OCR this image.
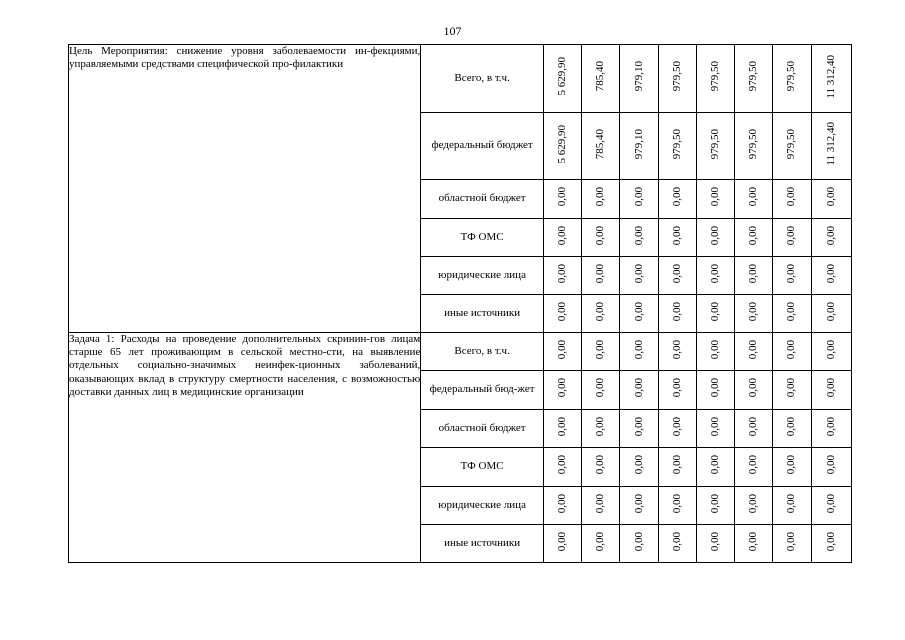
107
Цель Мероприятия: снижение уровня заболеваемости ин-фекциями, управляемыми средствами специфической про-филактики	Всего, в т.ч.	5 629,90	785,40	979,10	979,50	979,50	979,50	979,50	11 312,40
	федеральный бюджет	5 629,90	785,40	979,10	979,50	979,50	979,50	979,50	11 312,40
	областной бюджет	0,00	0,00	0,00	0,00	0,00	0,00	0,00	0,00
	ТФ ОМС	0,00	0,00	0,00	0,00	0,00	0,00	0,00	0,00
	юридические лица	0,00	0,00	0,00	0,00	0,00	0,00	0,00	0,00
	иные источники	0,00	0,00	0,00	0,00	0,00	0,00	0,00	0,00
Задача 1: Расходы на проведение дополнительных скринин-гов лицам старше 65 лет проживающим в сельской местно-сти, на выявление отдельных социально-значимых неинфек-ционных заболеваний, оказывающих вклад в структуру смертности населения, с возможностью доставки данных лиц в медицинские организации	Всего, в т.ч.	0,00	0,00	0,00	0,00	0,00	0,00	0,00	0,00
	федеральный бюд-жет	0,00	0,00	0,00	0,00	0,00	0,00	0,00	0,00
	областной бюджет	0,00	0,00	0,00	0,00	0,00	0,00	0,00	0,00
	ТФ ОМС	0,00	0,00	0,00	0,00	0,00	0,00	0,00	0,00
	юридические лица	0,00	0,00	0,00	0,00	0,00	0,00	0,00	0,00
	иные источники	0,00	0,00	0,00	0,00	0,00	0,00	0,00	0,00
